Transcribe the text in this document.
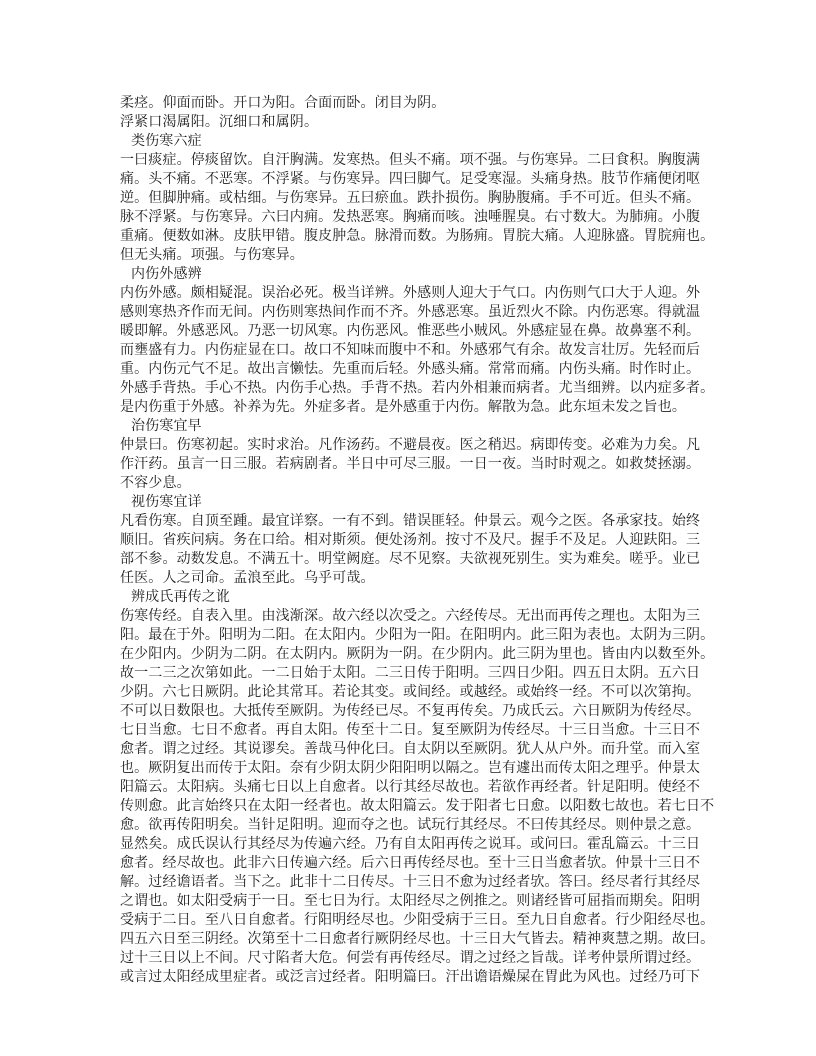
柔痉。仰面而卧。开口为阳。合面而卧。闭目为阴。
浮紧口渴属阳。沉细口和属阴。
类伤寒六症
一曰痰症。停痰留饮。自汗胸满。发寒热。但头不痛。项不强。与伤寒异。二曰食积。胸腹满
痛。头不痛。不恶寒。不浮紧。与伤寒异。四曰脚气。足受寒湿。头痛身热。肢节作痛便闭呕
逆。但脚肿痛。或枯细。与伤寒异。五曰瘀血。跌扑损伤。胸胁腹痛。手不可近。但头不痛。
脉不浮紧。与伤寒异。六曰内痈。发热恶寒。胸痛而咳。浊唾腥臭。右寸数大。为肺痈。小腹
重痛。便数如淋。皮肤甲错。腹皮肿急。脉滑而数。为肠痈。胃脘大痛。人迎脉盛。胃脘痈也。
但无头痛。项强。与伤寒异。
内伤外感辨
内伤外感。颇相疑混。误治必死。极当详辨。外感则人迎大于气口。内伤则气口大于人迎。外
感则寒热齐作而无间。内伤则寒热间作而不齐。外感恶寒。虽近烈火不除。内伤恶寒。得就温
暖即解。外感恶风。乃恶一切风寒。内伤恶风。惟恶些小贼风。外感症显在鼻。故鼻塞不利。
而壅盛有力。内伤症显在口。故口不知味而腹中不和。外感邪气有余。故发言壮厉。先轻而后
重。内伤元气不足。故出言懒怯。先重而后轻。外感头痛。常常而痛。内伤头痛。时作时止。
外感手背热。手心不热。内伤手心热。手背不热。若内外相兼而病者。尤当细辨。以内症多者。
是内伤重于外感。补养为先。外症多者。是外感重于内伤。解散为急。此东垣未发之旨也。
治伤寒宜早
仲景曰。伤寒初起。实时求治。凡作汤药。不避晨夜。医之稍迟。病即传变。必难为力矣。凡
作汗药。虽言一日三服。若病剧者。半日中可尽三服。一日一夜。当时时观之。如救焚拯溺。
不容少息。
视伤寒宜详
凡看伤寒。自顶至踵。最宜详察。一有不到。错误匪轻。仲景云。观今之医。各承家技。始终
顺旧。省疾问病。务在口给。相对斯须。便处汤剂。按寸不及尺。握手不及足。人迎趺阳。三
部不参。动数发息。不满五十。明堂阙庭。尽不见察。夫欲视死别生。实为难矣。嗟乎。业已
任医。人之司命。孟浪至此。乌乎可哉。
辨成氏再传之讹
伤寒传经。自表入里。由浅渐深。故六经以次受之。六经传尽。无出而再传之理也。太阳为三
阳。最在于外。阳明为二阳。在太阳内。少阳为一阳。在阳明内。此三阳为表也。太阴为三阴。
在少阳内。少阴为二阴。在太阴内。厥阴为一阴。在少阴内。此三阴为里也。皆由内以数至外。
故一二三之次第如此。一二日始于太阳。二三日传于阳明。三四日少阳。四五日太阴。五六日
少阴。六七日厥阴。此论其常耳。若论其变。或间经。或越经。或始终一经。不可以次第拘。
不可以日数限也。大抵传至厥阴。为传经已尽。不复再传矣。乃成氏云。六日厥阴为传经尽。
七日当愈。七日不愈者。再自太阳。传至十二日。复至厥阴为传经尽。十三日当愈。十三日不
愈者。谓之过经。其说谬矣。善哉马仲化曰。自太阴以至厥阴。犹人从户外。而升堂。而入室
也。厥阴复出而传于太阳。奈有少阴太阴少阳阳明以隔之。岂有遽出而传太阳之理乎。仲景太
阳篇云。太阳病。头痛七日以上自愈者。以行其经尽故也。若欲作再经者。针足阳明。使经不
传则愈。此言始终只在太阳一经者也。故太阳篇云。发于阳者七日愈。以阳数七故也。若七日不
愈。欲再传阳明矣。当针足阳明。迎而夺之也。试玩行其经尽。不曰传其经尽。则仲景之意。
显然矣。成氏误认行其经尽为传遍六经。乃有自太阳再传之说耳。或问曰。霍乱篇云。十三日
愈者。经尽故也。此非六日传遍六经。后六日再传经尽也。至十三日当愈者欤。仲景十三日不
解。过经谵语者。当下之。此非十二日传尽。十三日不愈为过经者欤。答曰。经尽者行其经尽
之谓也。如太阳受病于一日。至七日为行。太阳经尽之例推之。则诸经皆可屈指而期矣。阳明
受病于二日。至八日自愈者。行阳明经尽也。少阳受病于三日。至九日自愈者。行少阳经尽也。
四五六日至三阴经。次第至十二日愈者行厥阴经尽也。十三日大气皆去。精神爽慧之期。故曰。
过十三日以上不间。尺寸陷者大危。何尝有再传经尽。谓之过经之旨哉。详考仲景所谓过经。
或言过太阳经成里症者。或泛言过经者。阳明篇曰。汗出谵语燥屎在胃此为风也。过经乃可下
